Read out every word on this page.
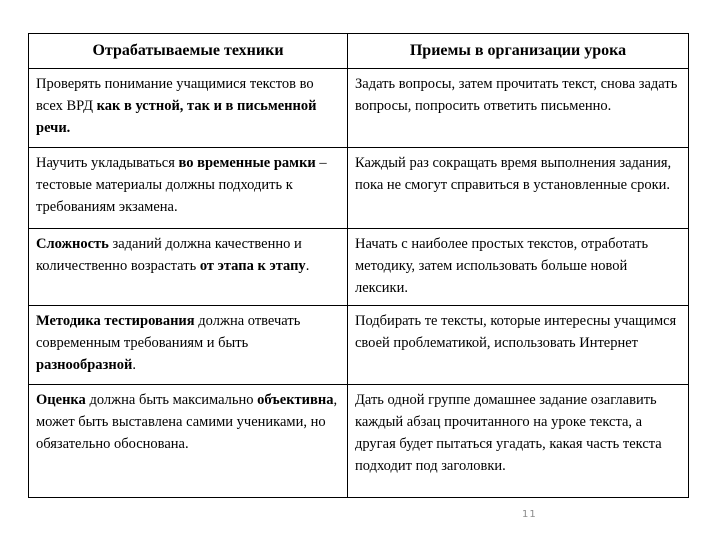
Отрабатываемые техники	Приемы в организации урока
Проверять понимание учащимися текстов во всех ВРД как в устной, так и в письменной речи.	Задать вопросы, затем прочитать текст, снова задать вопросы, попросить ответить письменно.
Научить укладываться во временные рамки – тестовые материалы должны подходить к требованиям экзамена.	Каждый раз сокращать время выполнения задания, пока не смогут справиться в установленные сроки.
Сложность заданий должна качественно и количественно возрастать от этапа к этапу.	Начать с наиболее простых текстов, отработать методику, затем использовать больше новой лексики.
Методика тестирования должна отвечать современным требованиям и быть разнообразной.	Подбирать те тексты, которые интересны учащимся своей проблематикой, использовать Интернет
Оценка должна быть максимально объективна, может быть выставлена самими учениками, но обязательно обоснована.	Дать одной группе домашнее задание озаглавить каждый абзац прочитанного на уроке текста, а другая будет пытаться угадать, какая часть текста подходит под заголовки.
11
